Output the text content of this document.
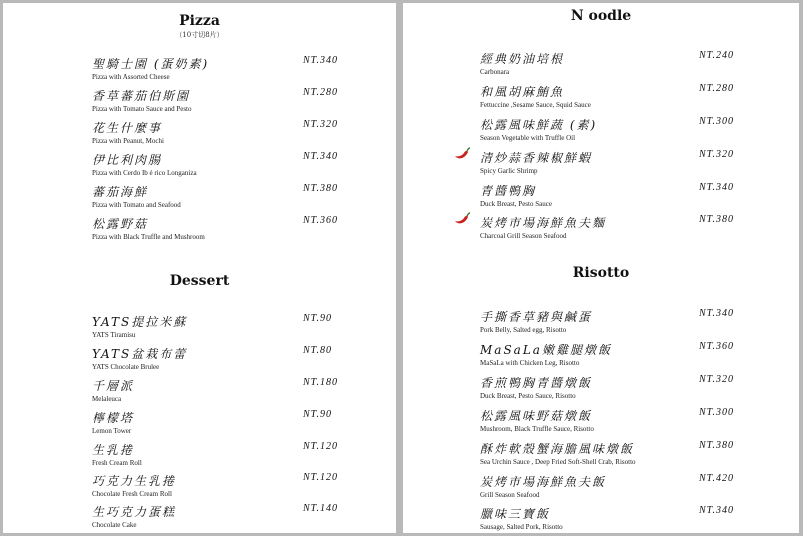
Pizza
（10寸切8片）
聖騎士園 (蛋奶素)
Pizza with Assorted Cheese
NT.340
香草蕃茄伯斯園
Pizza with Tomato Sauce and Pesto
NT.280
花生什麼事
Pizza with Peanut, Mochi
NT.320
伊比利肉腸
Pizza with Cerdo Ib é rico Longaniza
NT.340
蕃茄海鮮
Pizza with Tomato and Seafood
NT.380
松露野菇
Pizza with Black Truffle and Mushroom
NT.360
Dessert
YATS提拉米蘇
YATS Tiramisu
NT.90
YATS盆栽布蕾
YATS Chocolate Brulee
NT.80
千層派
Melaleuca
NT.180
檸檬塔
Lemon Tower
NT.90
生乳捲
Fresh Cream Roll
NT.120
巧克力生乳捲
Chocolate Fresh Cream Roll
NT.120
生巧克力蛋糕
Chocolate Cake
NT.140
N oodle
經典奶油培根
Carbonara
NT.240
和風胡麻鮪魚
Fettuccine ,Sesame Sauce, Squid Sauce
NT.280
松露風味鮮蔬 (素)
Season Vegetable with Truffle Oil
NT.300
清炒蒜香辣椒鮮蝦
Spicy Garlic Shrimp
NT.320
青醬鴨胸
Duck Breast, Pesto Sauce
NT.340
炭烤市場海鮮魚夫麵
Charcoal Grill Season Seafood
NT.380
Risotto
手撕香草豬與鹹蛋
Pork Belly, Salted egg, Risotto
NT.340
MaSaLa嫩雞腿燉飯
MaSaLa with Chicken Leg, Risotto
NT.360
香煎鴨胸青醬燉飯
Duck Breast, Pesto Sauce, Risotto
NT.320
松露風味野菇燉飯
Mushroom, Black Truffle Sauce, Risotto
NT.300
酥炸軟殼蟹海膽風味燉飯
Sea Urchin Sauce , Deep Fried Soft-Shell Crab, Risotto
NT.380
炭烤市場海鮮魚夫飯
Grill Season Seafood
NT.420
臘味三寶飯
Sausage, Salted Pork, Risotto
NT.340
